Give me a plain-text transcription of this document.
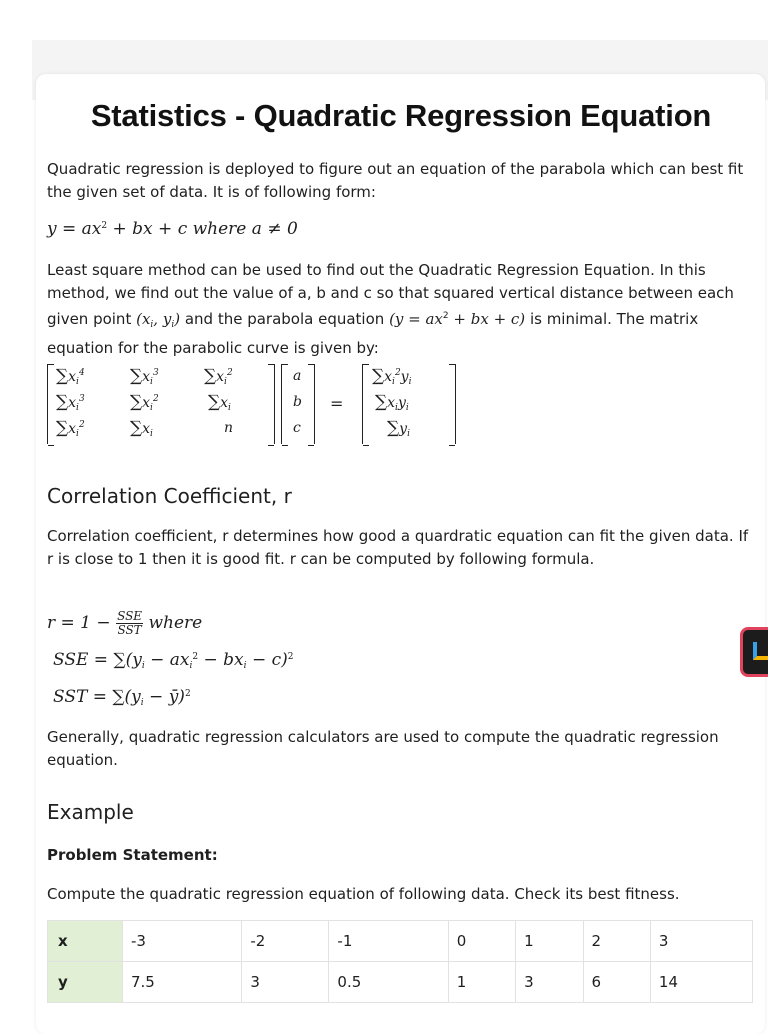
Statistics - Quadratic Regression Equation

Quadratic regression is deployed to figure out an equation of the parabola which can best fit the given set of data. It is of following form:

$y = ax^2$ + bx + c where a ≠ 0

Least square method can be used to find out the Quadratic Regression Equation. In this method, we find out the value of a, b and c so that squared vertical distance between each given point ($x_i$, $y_i$) and the parabola equation ($y = ax^2$ + bx + c) is minimal. The matrix equation for the parabolic curve is given by:

$\sum x_i^4$	$\sum x_i^3$	$\sum x_i^2$
$\sum x_i^3$	$\sum x_i^2$	$\sum x_i$
$\sum x_i^2$	$\sum x_i$	n
a
b
c
=
$\sum x_i^2y_i$
$\sum x_iy_i$
$\sum y_i$
Correlation Coefficient, r

Correlation coefficient, r determines how good a quardratic equation can fit the given data. If r is close to 1 then it is good fit. r can be computed by following formula.

$r = 1 - \frac{\text{SSE}}{\text{SST}}$ where
SSE = $\sum(y_i - ax_i^2 - bx_i - c)^2$
SST = $\sum(y_i$ − ȳ)$^2$

Generally, quadratic regression calculators are used to compute the quadratic regression equation.

Example

Problem Statement:

Compute the quadratic regression equation of following data. Check its best fitness.

x	-3	-2	-1	0	1	2	3
y	7.5	3	0.5	1	3	6	14
